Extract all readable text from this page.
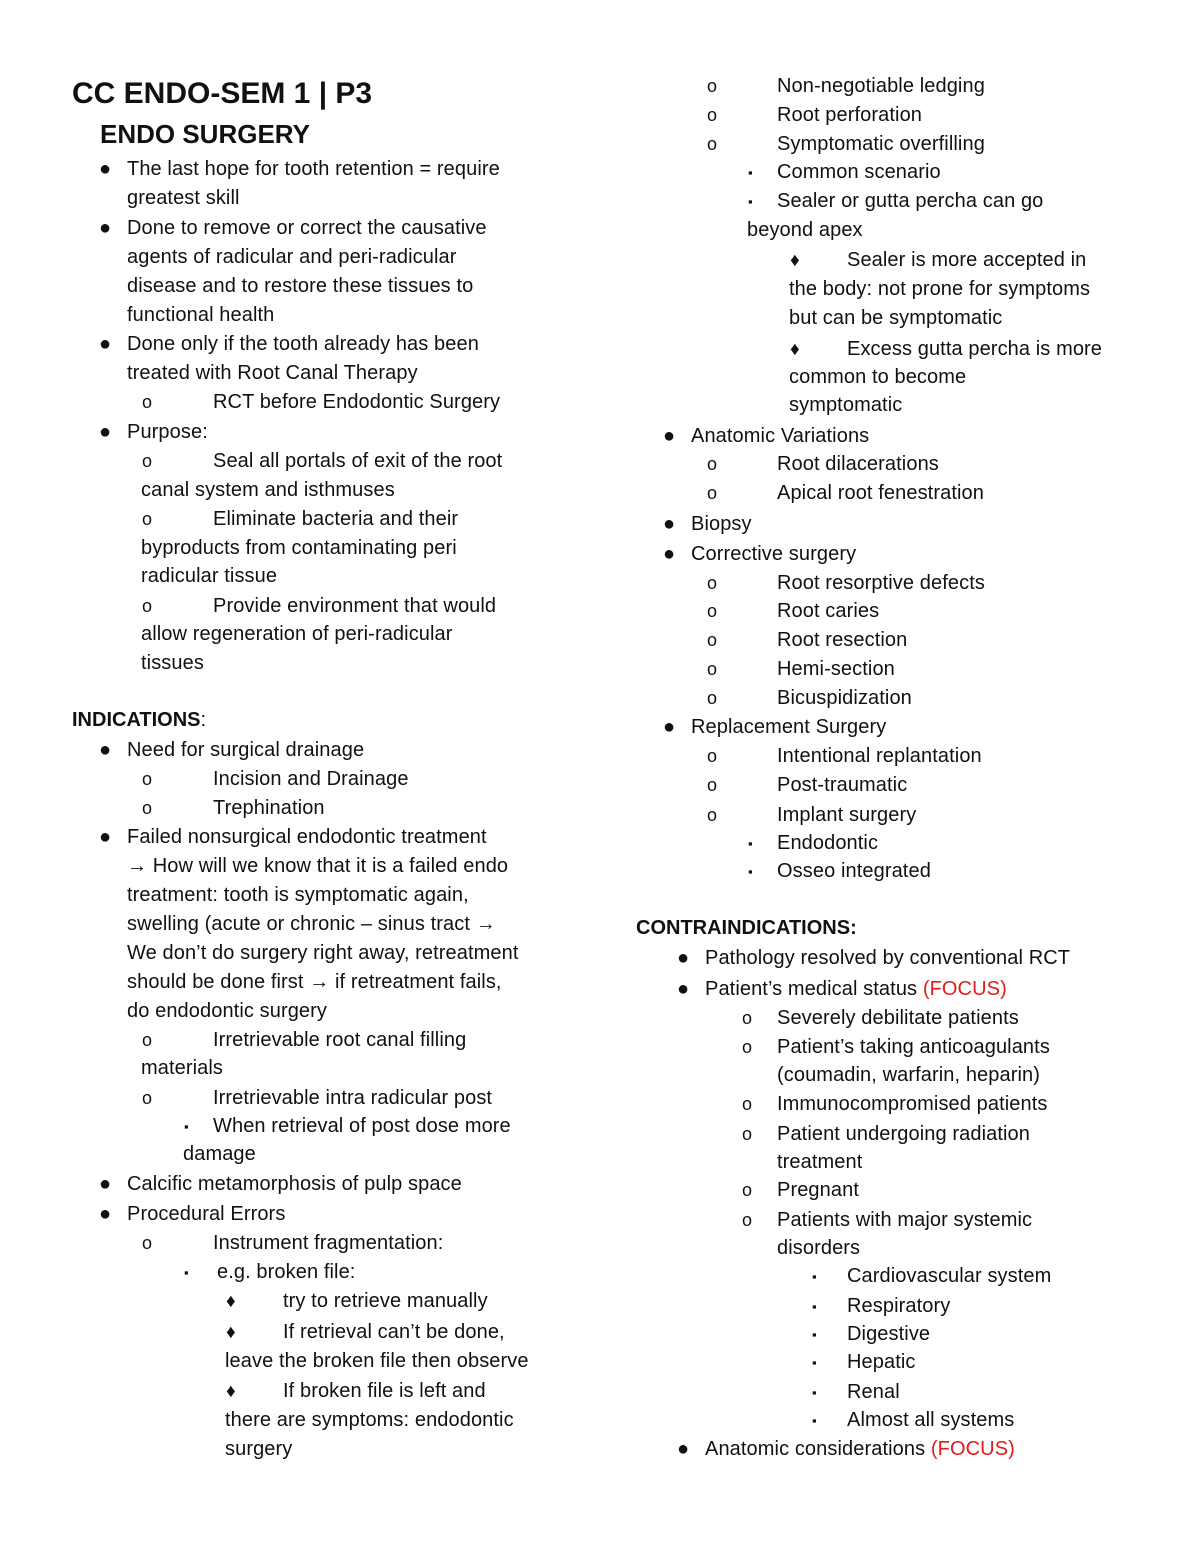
CC ENDO-SEM 1 | P3
ENDO SURGERY
● The last hope for tooth retention = require
greatest skill
● Done to remove or correct the causative
agents of radicular and peri-radicular
disease and to restore these tissues to
functional health
● Done only if the tooth already has been
treated with Root Canal Therapy
o	RCT before Endodontic Surgery
● Purpose:
o	Seal all portals of exit of the root
canal system and isthmuses
o	Eliminate bacteria and their
byproducts from contaminating peri
radicular tissue
o	Provide environment that would
allow regeneration of peri-radicular
tissues
INDICATIONS:
● Need for surgical drainage
o	Incision and Drainage
o	Trephination
● Failed nonsurgical endodontic treatment
→ How will we know that it is a failed endo
treatment: tooth is symptomatic again,
swelling (acute or chronic – sinus tract →
We don’t do surgery right away, retreatment
should be done first → if retreatment fails,
do endodontic surgery
o	Irretrievable root canal filling
materials
o	Irretrievable intra radicular post
▪ When retrieval of post dose more
damage
● Calcific metamorphosis of pulp space
● Procedural Errors
o	Instrument fragmentation:
▪ e.g. broken file:
♦ try to retrieve manually
♦ If retrieval can’t be done,
leave the broken file then observe
♦ If broken file is left and
there are symptoms: endodontic
surgery
o	Non-negotiable ledging
o	Root perforation
o	Symptomatic overfilling
▪ Common scenario
▪ Sealer or gutta percha can go
beyond apex
♦ Sealer is more accepted in
the body: not prone for symptoms
but can be symptomatic
♦ Excess gutta percha is more
common to become
symptomatic
● Anatomic Variations
o	Root dilacerations
o	Apical root fenestration
● Biopsy
● Corrective surgery
o	Root resorptive defects
o	Root caries
o	Root resection
o	Hemi-section
o	Bicuspidization
● Replacement Surgery
o	Intentional replantation
o	Post-traumatic
o	Implant surgery
▪ Endodontic
▪ Osseo integrated
CONTRAINDICATIONS:
● Pathology resolved by conventional RCT
● Patient’s medical status (FOCUS)
o Severely debilitate patients
o Patient’s taking anticoagulants
(coumadin, warfarin, heparin)
o Immunocompromised patients
o Patient undergoing radiation
treatment
o Pregnant
o Patients with major systemic
disorders
▪ Cardiovascular system
▪ Respiratory
▪ Digestive
▪ Hepatic
▪ Renal
▪ Almost all systems
● Anatomic considerations (FOCUS)
